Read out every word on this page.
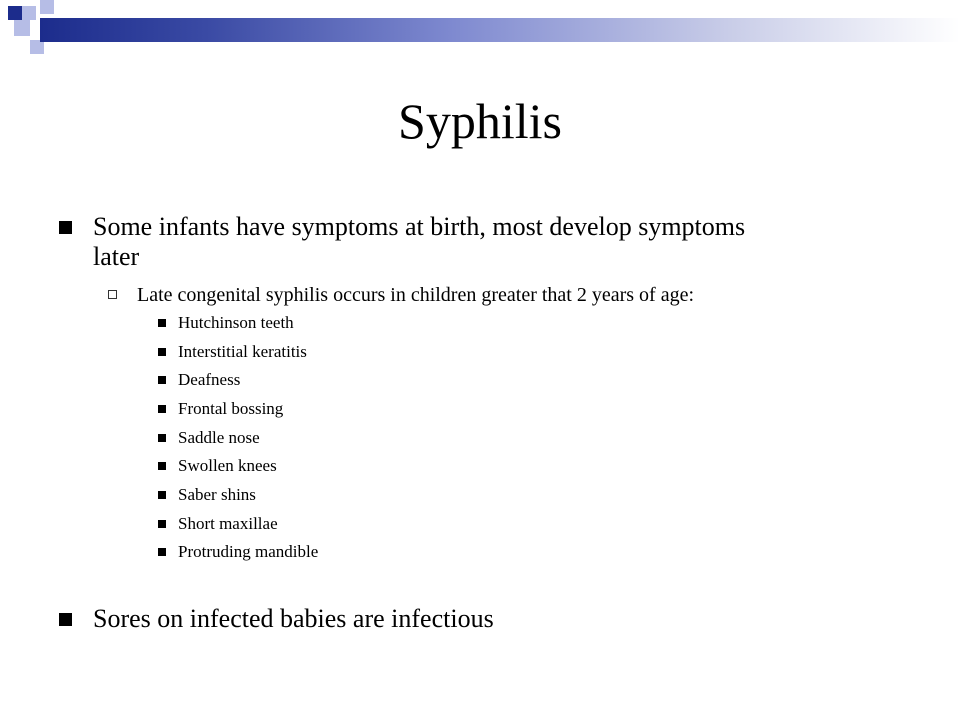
Syphilis
Some infants have symptoms at birth, most develop symptoms
later
Late congenital syphilis occurs in children greater that 2 years of age:
Hutchinson teeth
Interstitial keratitis
Deafness
Frontal bossing
Saddle nose
Swollen knees
Saber shins
Short maxillae
Protruding mandible
Sores on infected babies are infectious
